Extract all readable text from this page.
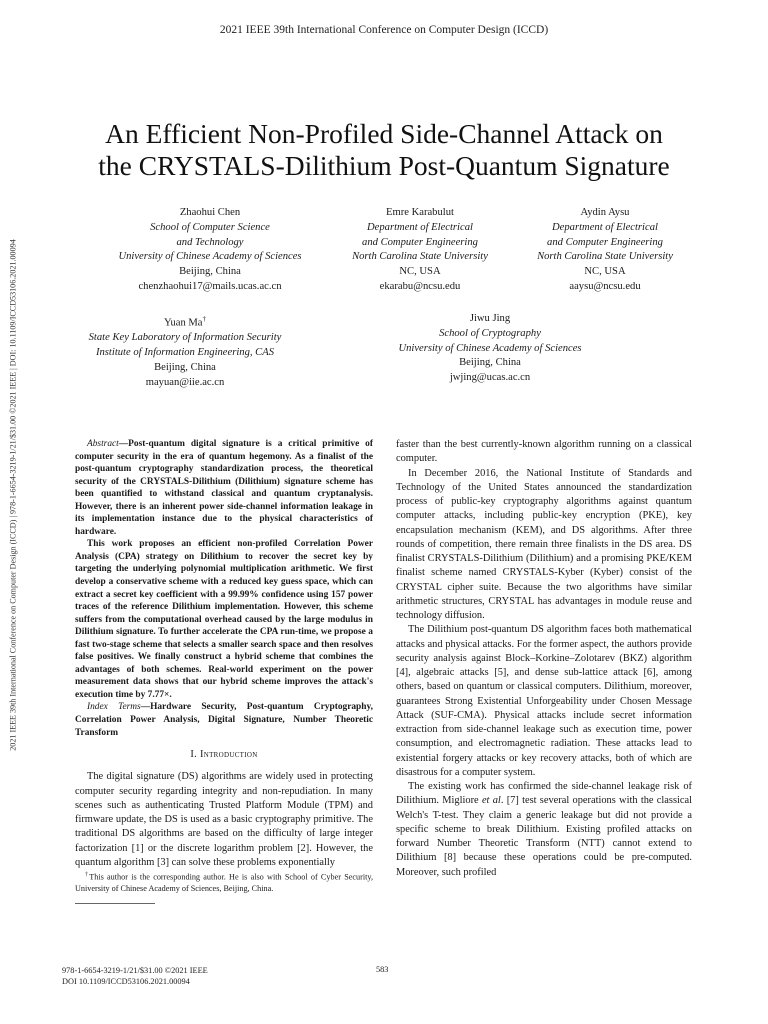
2021 IEEE 39th International Conference on Computer Design (ICCD)
2021 IEEE 39th International Conference on Computer Design (ICCD) | 978-1-6654-3219-1/21/$31.00 ©2021 IEEE | DOI: 10.1109/ICCD53106.2021.00094
An Efficient Non-Profiled Side-Channel Attack on
the CRYSTALS-Dilithium Post-Quantum Signature
Zhaohui Chen
School of Computer Science
and Technology
University of Chinese Academy of Sciences
Beijing, China
chenzhaohui17@mails.ucas.ac.cn
Emre Karabulut
Department of Electrical
and Computer Engineering
North Carolina State University
NC, USA
ekarabu@ncsu.edu
Aydin Aysu
Department of Electrical
and Computer Engineering
North Carolina State University
NC, USA
aaysu@ncsu.edu
Yuan Ma†
State Key Laboratory of Information Security
Institute of Information Engineering, CAS
Beijing, China
mayuan@iie.ac.cn
Jiwu Jing
School of Cryptography
University of Chinese Academy of Sciences
Beijing, China
jwjing@ucas.ac.cn

Abstract—Post-quantum digital signature is a critical primitive of computer security in the era of quantum hegemony. As a finalist of the post-quantum cryptography standardization process, the theoretical security of the CRYSTALS-Dilithium (Dilithium) signature scheme has been quantified to withstand classical and quantum cryptanalysis. However, there is an inherent power side-channel information leakage in its implementation instance due to the physical characteristics of hardware.

This work proposes an efficient non-profiled Correlation Power Analysis (CPA) strategy on Dilithium to recover the secret key by targeting the underlying polynomial multiplication arithmetic. We first develop a conservative scheme with a reduced key guess space, which can extract a secret key coefficient with a 99.99% confidence using 157 power traces of the reference Dilithium implementation. However, this scheme suffers from the computational overhead caused by the large modulus in Dilithium signature. To further accelerate the CPA run-time, we propose a fast two-stage scheme that selects a smaller search space and then resolves false positives. We finally construct a hybrid scheme that combines the advantages of both schemes. Real-world experiment on the power measurement data shows that our hybrid scheme improves the attack's execution time by 7.77×.

Index Terms—Hardware Security, Post-quantum Cryptography, Correlation Power Analysis, Digital Signature, Number Theoretic Transform

I. Introduction

The digital signature (DS) algorithms are widely used in protecting computer security regarding integrity and non-repudiation. In many scenes such as authenticating Trusted Platform Module (TPM) and firmware update, the DS is used as a basic cryptography primitive. The traditional DS algorithms are based on the difficulty of large integer factorization [1] or the discrete logarithm problem [2]. However, the quantum algorithm [3] can solve these problems exponentially

†This author is the corresponding author. He is also with School of Cyber Security, University of Chinese Academy of Sciences, Beijing, China.

faster than the best currently-known algorithm running on a classical computer.

In December 2016, the National Institute of Standards and Technology of the United States announced the standardization process of public-key cryptography algorithms against quantum computer attacks, including public-key encryption (PKE), key encapsulation mechanism (KEM), and DS algorithms. After three rounds of competition, there remain three finalists in the DS area. DS finalist CRYSTALS-Dilithium (Dilithium) and a promising PKE/KEM finalist scheme named CRYSTALS-Kyber (Kyber) consist of the CRYSTAL cipher suite. Because the two algorithms have similar arithmetic structures, CRYSTAL has advantages in module reuse and technology diffusion.

The Dilithium post-quantum DS algorithm faces both mathematical attacks and physical attacks. For the former aspect, the authors provide security analysis against Block–Korkine–Zolotarev (BKZ) algorithm [4], algebraic attacks [5], and dense sub-lattice attack [6], among others, based on quantum or classical computers. Dilithium, moreover, guarantees Strong Existential Unforgeability under Chosen Message Attack (SUF-CMA). Physical attacks include secret information extraction from side-channel leakage such as execution time, power consumption, and electromagnetic radiation. These attacks lead to existential forgery attacks or key recovery attacks, both of which are disastrous for a computer system.

The existing work has confirmed the side-channel leakage risk of Dilithium. Migliore et al. [7] test several operations with the classical Welch's T-test. They claim a generic leakage but did not provide a specific scheme to break Dilithium. Existing profiled attacks on forward Number Theoretic Transform (NTT) cannot extend to Dilithium [8] because these operations could be pre-computed. Moreover, such profiled

978-1-6654-3219-1/21/$31.00 ©2021 IEEE
DOI 10.1109/ICCD53106.2021.00094
583
